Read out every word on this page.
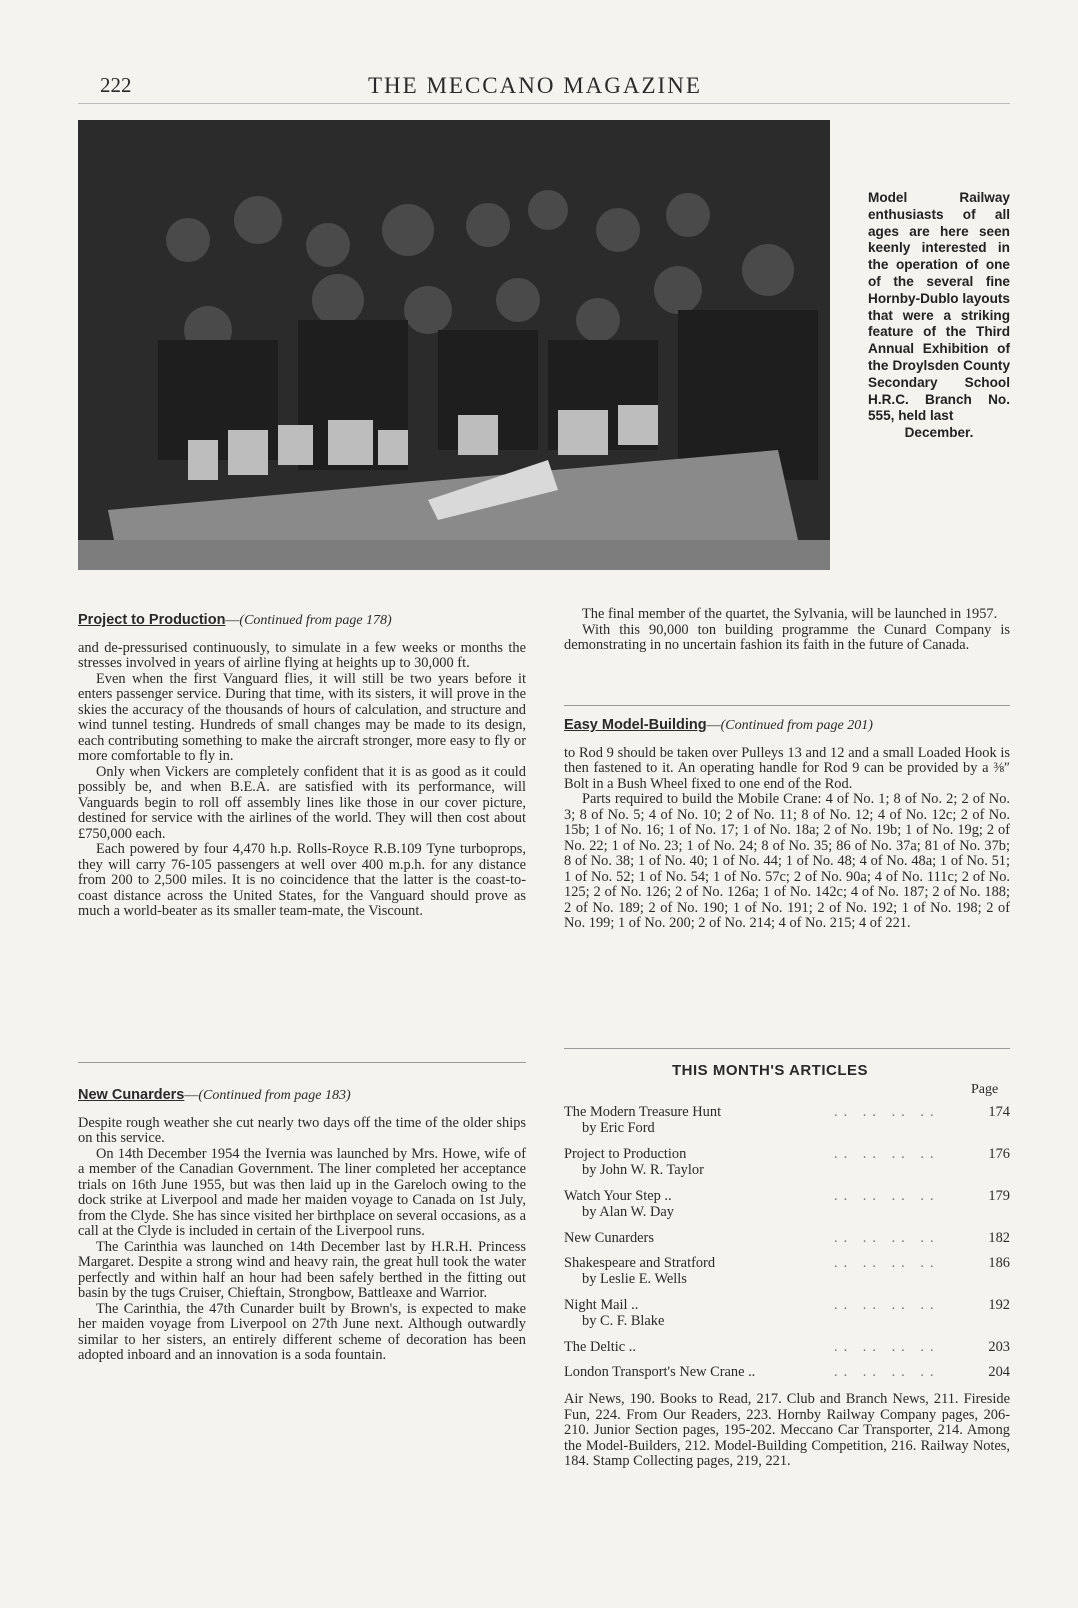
222	THE MECCANO MAGAZINE
Model Railway enthusiasts of all ages are here seen keenly interested in the operation of one of the several fine Hornby-Dublo layouts that were a striking feature of the Third Annual Exhibition of the Droylsden County Secondary School H.R.C. Branch No. 555, held last
December.

Project to Production—(Continued from page 178)

and de-pressurised continuously, to simulate in a few weeks or months the stresses involved in years of airline flying at heights up to 30,000 ft.

Even when the first Vanguard flies, it will still be two years before it enters passenger service. During that time, with its sisters, it will prove in the skies the accuracy of the thousands of hours of calculation, and structure and wind tunnel testing. Hundreds of small changes may be made to its design, each contributing something to make the aircraft stronger, more easy to fly or more comfortable to fly in.

Only when Vickers are completely confident that it is as good as it could possibly be, and when B.E.A. are satisfied with its performance, will Vanguards begin to roll off assembly lines like those in our cover picture, destined for service with the airlines of the world. They will then cost about £750,000 each.

Each powered by four 4,470 h.p. Rolls-Royce R.B.109 Tyne turboprops, they will carry 76-105 passengers at well over 400 m.p.h. for any distance from 200 to 2,500 miles. It is no coincidence that the latter is the coast-to-coast distance across the United States, for the Vanguard should prove as much a world-beater as its smaller team-mate, the Viscount.

New Cunarders—(Continued from page 183)

Despite rough weather she cut nearly two days off the time of the older ships on this service.

On 14th December 1954 the Ivernia was launched by Mrs. Howe, wife of a member of the Canadian Government. The liner completed her acceptance trials on 16th June 1955, but was then laid up in the Gareloch owing to the dock strike at Liverpool and made her maiden voyage to Canada on 1st July, from the Clyde. She has since visited her birthplace on several occasions, as a call at the Clyde is included in certain of the Liverpool runs.

The Carinthia was launched on 14th December last by H.R.H. Princess Margaret. Despite a strong wind and heavy rain, the great hull took the water perfectly and within half an hour had been safely berthed in the fitting out basin by the tugs Cruiser, Chieftain, Strongbow, Battleaxe and Warrior.

The Carinthia, the 47th Cunarder built by Brown's, is expected to make her maiden voyage from Liverpool on 27th June next. Although outwardly similar to her sisters, an entirely different scheme of decoration has been adopted inboard and an innovation is a soda fountain.

The final member of the quartet, the Sylvania, will be launched in 1957.

With this 90,000 ton building programme the Cunard Company is demonstrating in no uncertain fashion its faith in the future of Canada.

Easy Model-Building—(Continued from page 201)

to Rod 9 should be taken over Pulleys 13 and 12 and a small Loaded Hook is then fastened to it. An operating handle for Rod 9 can be provided by a ⅜″ Bolt in a Bush Wheel fixed to one end of the Rod.

Parts required to build the Mobile Crane: 4 of No. 1; 8 of No. 2; 2 of No. 3; 8 of No. 5; 4 of No. 10; 2 of No. 11; 8 of No. 12; 4 of No. 12c; 2 of No. 15b; 1 of No. 16; 1 of No. 17; 1 of No. 18a; 2 of No. 19b; 1 of No. 19g; 2 of No. 22; 1 of No. 23; 1 of No. 24; 8 of No. 35; 86 of No. 37a; 81 of No. 37b; 8 of No. 38; 1 of No. 40; 1 of No. 44; 1 of No. 48; 4 of No. 48a; 1 of No. 51; 1 of No. 52; 1 of No. 54; 1 of No. 57c; 2 of No. 90a; 4 of No. 111c; 2 of No. 125; 2 of No. 126; 2 of No. 126a; 1 of No. 142c; 4 of No. 187; 2 of No. 188; 2 of No. 189; 2 of No. 190; 1 of No. 191; 2 of No. 192; 1 of No. 198; 2 of No. 199; 1 of No. 200; 2 of No. 214; 4 of No. 215; 4 of 221.

THIS MONTH'S ARTICLES
Page
The Modern Treasure Hunt
by Eric Ford
.. .. .. ..	174
Project to Production
by John W. R. Taylor
.. .. .. ..	176
Watch Your Step ..
by Alan W. Day
.. .. .. ..	179
New Cunarders	.. .. .. ..	182
Shakespeare and Stratford
by Leslie E. Wells
.. .. .. ..	186
Night Mail ..
by C. F. Blake
.. .. .. ..	192
The Deltic ..	.. .. .. ..	203
London Transport's New Crane ..	.. .. .. ..	204
Air News, 190. Books to Read, 217. Club and Branch News, 211. Fireside Fun, 224. From Our Readers, 223. Hornby Railway Company pages, 206-210. Junior Section pages, 195-202. Meccano Car Transporter, 214. Among the Model-Builders, 212. Model-Building Competition, 216. Railway Notes, 184. Stamp Collecting pages, 219, 221.
